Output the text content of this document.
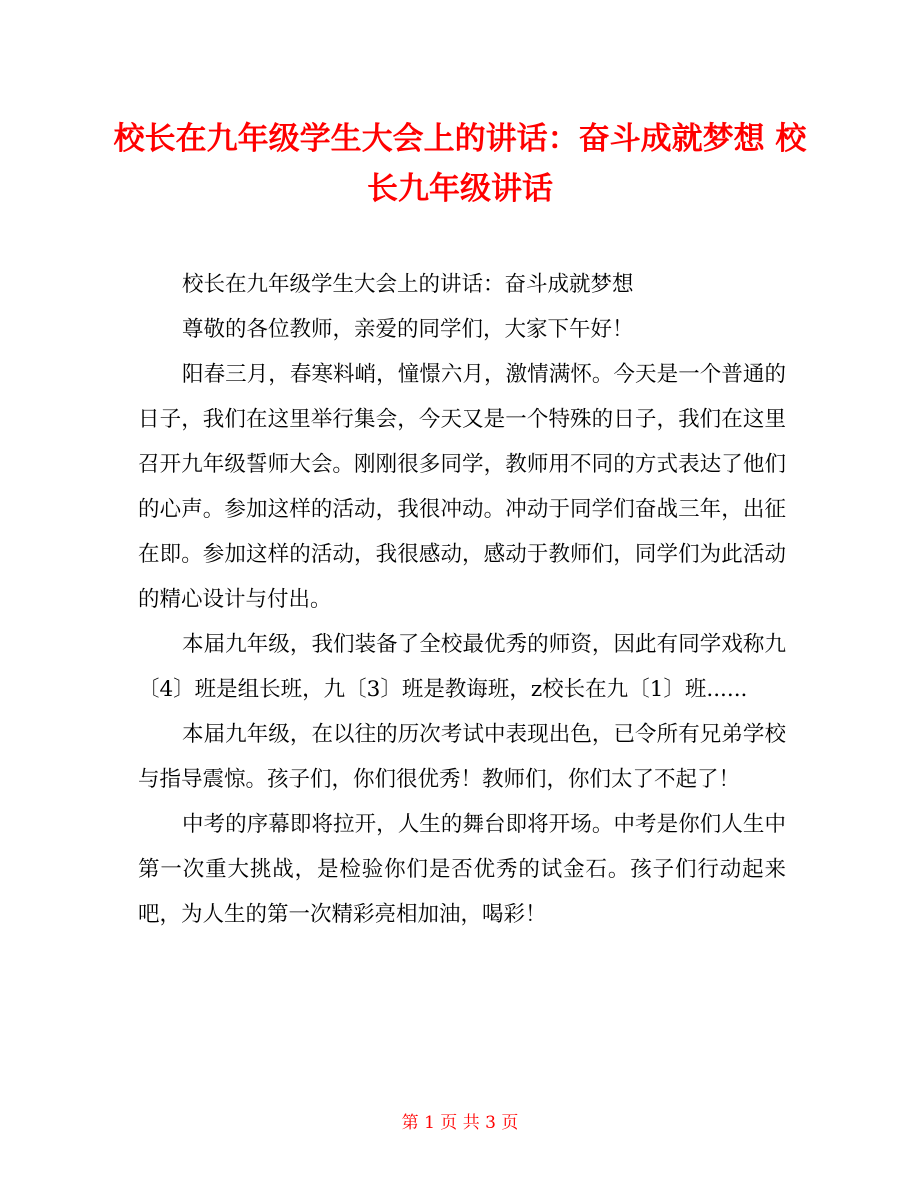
校长在九年级学生大会上的讲话：奋斗成就梦想 校长九年级讲话

校长在九年级学生大会上的讲话：奋斗成就梦想

尊敬的各位教师，亲爱的同学们，大家下午好！

阳春三月，春寒料峭，憧憬六月，激情满怀。今天是一个普通的日子，我们在这里举行集会，今天又是一个特殊的日子，我们在这里召开九年级誓师大会。刚刚很多同学，教师用不同的方式表达了他们的心声。参加这样的活动，我很冲动。冲动于同学们奋战三年，出征在即。参加这样的活动，我很感动，感动于教师们，同学们为此活动的精心设计与付出。

本届九年级，我们装备了全校最优秀的师资，因此有同学戏称九〔4〕班是组长班，九〔3〕班是教诲班，z校长在九〔1〕班......

本届九年级，在以往的历次考试中表现出色，已令所有兄弟学校与指导震惊。孩子们，你们很优秀！教师们，你们太了不起了！

中考的序幕即将拉开，人生的舞台即将开场。中考是你们人生中第一次重大挑战，是检验你们是否优秀的试金石。孩子们行动起来吧，为人生的第一次精彩亮相加油，喝彩！

第 1 页 共 3 页
